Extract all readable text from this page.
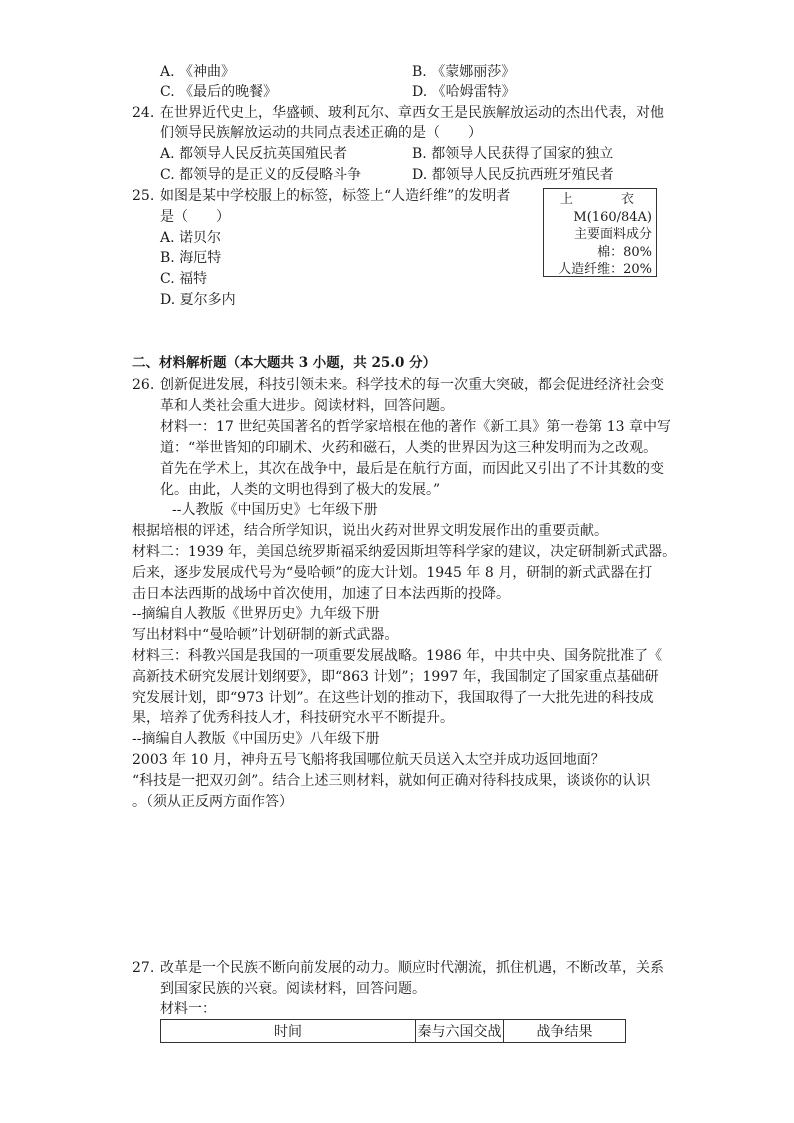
A. 《神曲》	B. 《蒙娜丽莎》
C. 《最后的晚餐》	D. 《哈姆雷特》
24. 在世界近代史上，华盛顿、玻利瓦尔、章西女王是民族解放运动的杰出代表，对他
们领导民族解放运动的共同点表述正确的是（　　）
A. 都领导人民反抗英国殖民者	B. 都领导人民获得了国家的独立
C. 都领导的是正义的反侵略斗争	D. 都领导人民反抗西班牙殖民者
25. 如图是某中学校服上的标签，标签上“人造纤维”的发明者
是（　　）
A. 诺贝尔
B. 海厄特
C. 福特
D. 夏尔多内
上	衣
M(160/84A)
主要面料成分
棉：80%
人造纤维：20%
二、材料解析题（本大题共 3 小题，共 25.0 分）
26. 创新促进发展，科技引领未来。科学技术的每一次重大突破，都会促进经济社会变
革和人类社会重大进步。阅读材料，回答问题。
材料一：17 世纪英国著名的哲学家培根在他的著作《新工具》第一卷第 13 章中写
道：“举世皆知的印刷术、火药和磁石，人类的世界因为这三种发明而为之改观。
首先在学术上，其次在战争中，最后是在航行方面，而因此又引出了不计其数的变
化。由此，人类的文明也得到了极大的发展。”
--人教版《中国历史》七年级下册
根据培根的评述，结合所学知识，说出火药对世界文明发展作出的重要贡献。
材料二：1939 年，美国总统罗斯福采纳爱因斯坦等科学家的建议，决定研制新式武器。
后来，逐步发展成代号为“曼哈顿”的庞大计划。1945 年 8 月，研制的新式武器在打
击日本法西斯的战场中首次使用，加速了日本法西斯的投降。
--摘编自人教版《世界历史》九年级下册
写出材料中“曼哈顿”计划研制的新式武器。
材料三：科教兴国是我国的一项重要发展战略。1986 年，中共中央、国务院批准了《
高新技术研究发展计划纲要》，即“863 计划”；1997 年，我国制定了国家重点基础研
究发展计划，即“973 计划”。在这些计划的推动下，我国取得了一大批先进的科技成
果，培养了优秀科技人才，科技研究水平不断提升。
--摘编自人教版《中国历史》八年级下册
2003 年 10 月，神舟五号飞船将我国哪位航天员送入太空并成功返回地面？
“科技是一把双刃剑”。结合上述三则材料，就如何正确对待科技成果，谈谈你的认识
。（须从正反两方面作答）
27. 改革是一个民族不断向前发展的动力。顺应时代潮流，抓住机遇，不断改革，关系
到国家民族的兴衰。阅读材料，回答问题。
材料一：
时间	秦与六国交战	战争结果
